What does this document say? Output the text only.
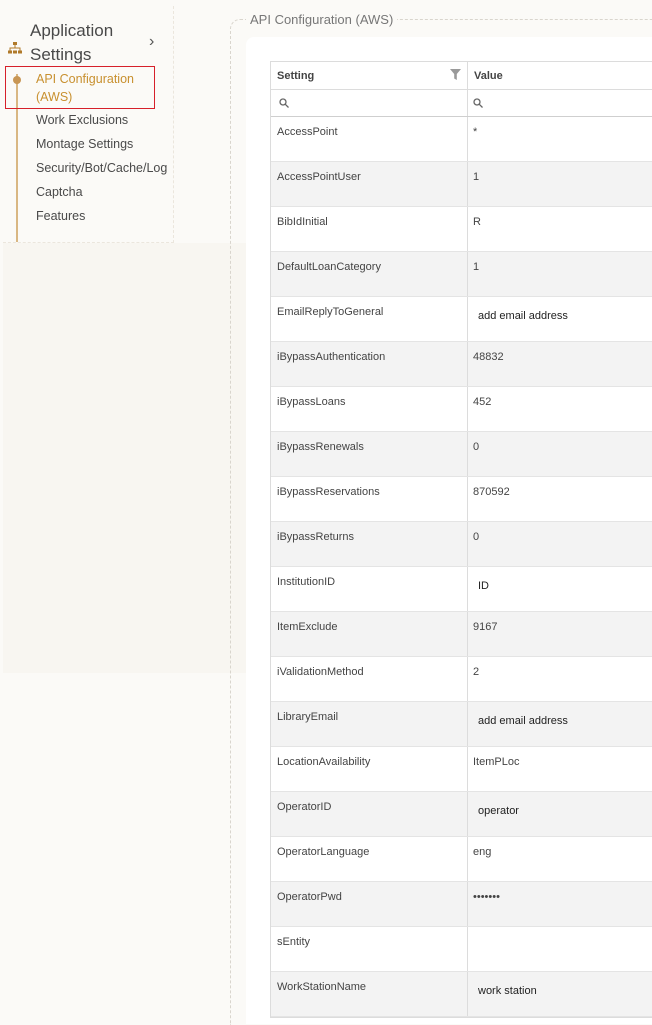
Application Settings
›
API Configuration (AWS)
Work Exclusions
Montage Settings
Security/Bot/Cache/Log
Captcha
Features
API Configuration (AWS)
Setting	Value
AccessPoint	*
AccessPointUser	1
BibIdInitial	R
DefaultLoanCategory	1
EmailReplyToGeneral	add email address
iBypassAuthentication	48832
iBypassLoans	452
iBypassRenewals	0
iBypassReservations	870592
iBypassReturns	0
InstitutionID	ID
ItemExclude	9167
iValidationMethod	2
LibraryEmail	add email address
LocationAvailability	ItemPLoc
OperatorID	operator
OperatorLanguage	eng
OperatorPwd	•••••••
sEntity
WorkStationName	work station
